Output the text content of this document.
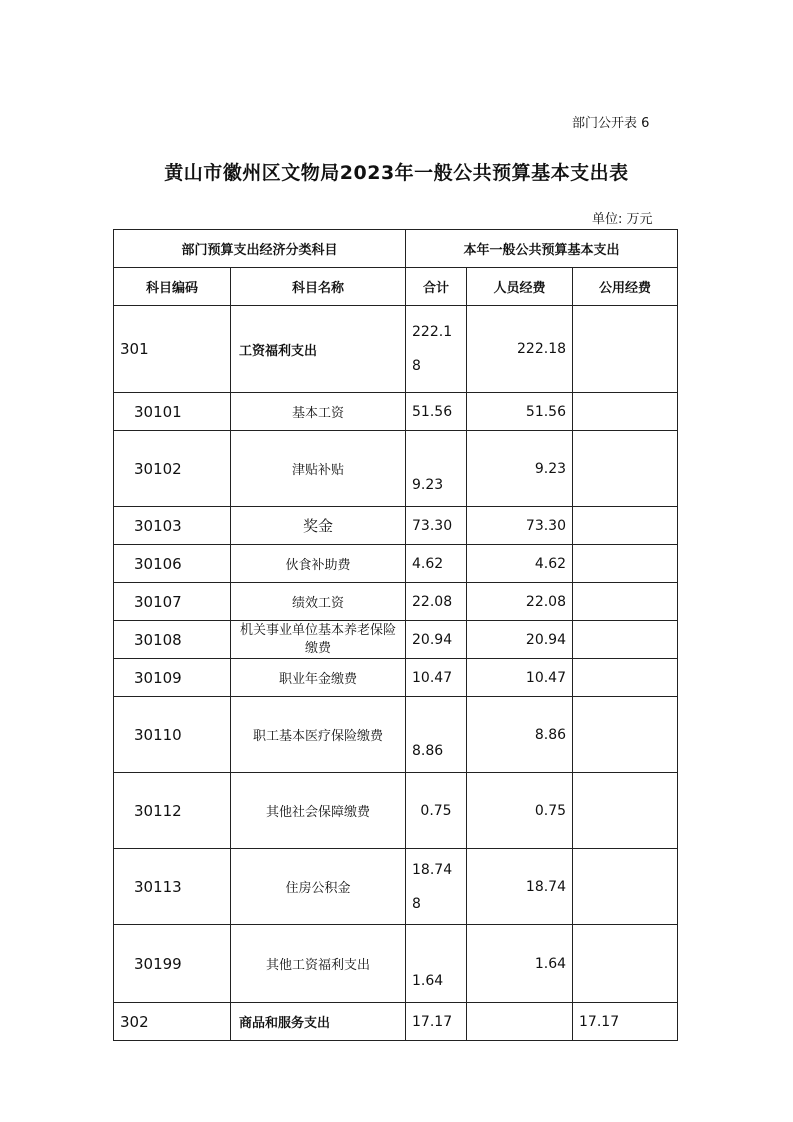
部门公开表 6
黄山市徽州区文物局2023年一般公共预算基本支出表
单位: 万元
部门预算支出经济分类科目		本年一般公共预算基本支出		
科目编码	科目名称	合计	人员经费	公用经费
301	工资福利支出	222.18	222.18	
30101	基本工资	51.56	51.56	
30102	津贴补贴	9.23	9.23	
30103	奖金	73.30	73.30	
30106	伙食补助费	4.62	4.62	
30107	绩效工资	22.08	22.08	
30108	机关事业单位基本养老保险缴费	20.94	20.94	
30109	职业年金缴费	10.47	10.47	
30110	职工基本医疗保险缴费	8.86	8.86	
30112	其他社会保障缴费	0.75	0.75	
30113	住房公积金	18.748	18.74	
30199	其他工资福利支出	1.64	1.64	
302	商品和服务支出	17.17		17.17
